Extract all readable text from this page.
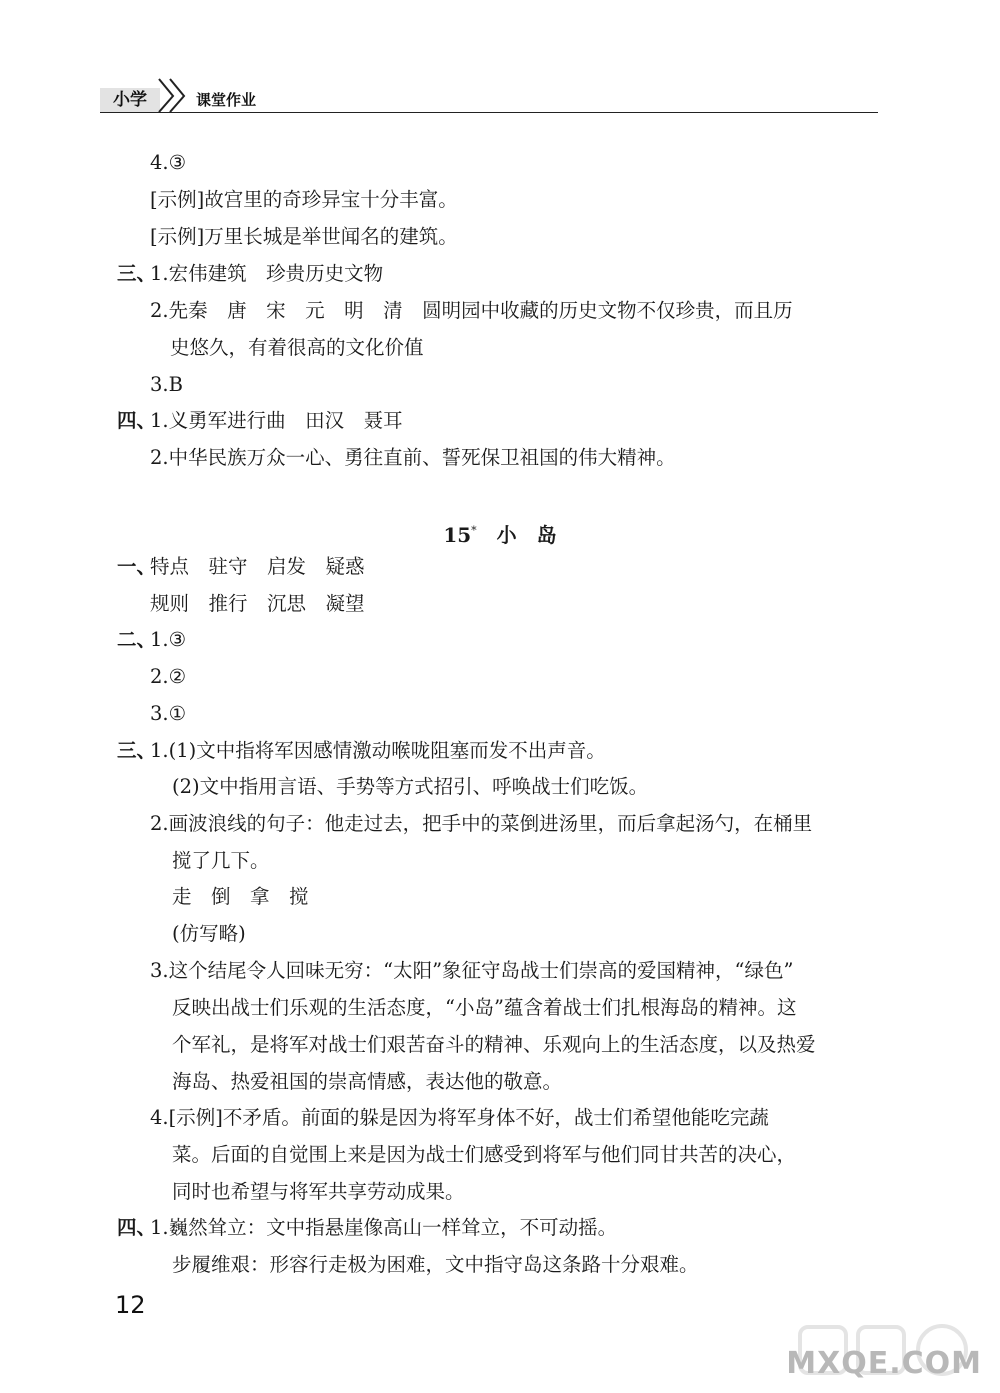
小学	课堂作业
4.③
[示例]故宫里的奇珍异宝十分丰富。
[示例]万里长城是举世闻名的建筑。
三、
1.宏伟建筑　珍贵历史文物
2.先秦　唐　宋　元　明　清　圆明园中收藏的历史文物不仅珍贵，而且历
史悠久，有着很高的文化价值
3.B
四、
1.义勇军进行曲　田汉　聂耳
2.中华民族万众一心、勇往直前、誓死保卫祖国的伟大精神。
15*  小　岛
一、
特点　驻守　启发　疑惑
规则　推行　沉思　凝望
二、
1.③
2.②
3.①
三、
1.(1)文中指将军因感情激动喉咙阻塞而发不出声音。
(2)文中指用言语、手势等方式招引、呼唤战士们吃饭。
2.画波浪线的句子：他走过去，把手中的菜倒进汤里，而后拿起汤勺，在桶里
搅了几下。
走　倒　拿　搅
(仿写略)
3.这个结尾令人回味无穷：“太阳”象征守岛战士们崇高的爱国精神，“绿色”
反映出战士们乐观的生活态度，“小岛”蕴含着战士们扎根海岛的精神。这
个军礼，是将军对战士们艰苦奋斗的精神、乐观向上的生活态度，以及热爱
海岛、热爱祖国的崇高情感，表达他的敬意。
4.[示例]不矛盾。前面的躲是因为将军身体不好，战士们希望他能吃完蔬
菜。后面的自觉围上来是因为战士们感受到将军与他们同甘共苦的决心，
同时也希望与将军共享劳动成果。
四、
1.巍然耸立：文中指悬崖像高山一样耸立，不可动摇。
步履维艰：形容行走极为困难，文中指守岛这条路十分艰难。
12
MXQE.COM
